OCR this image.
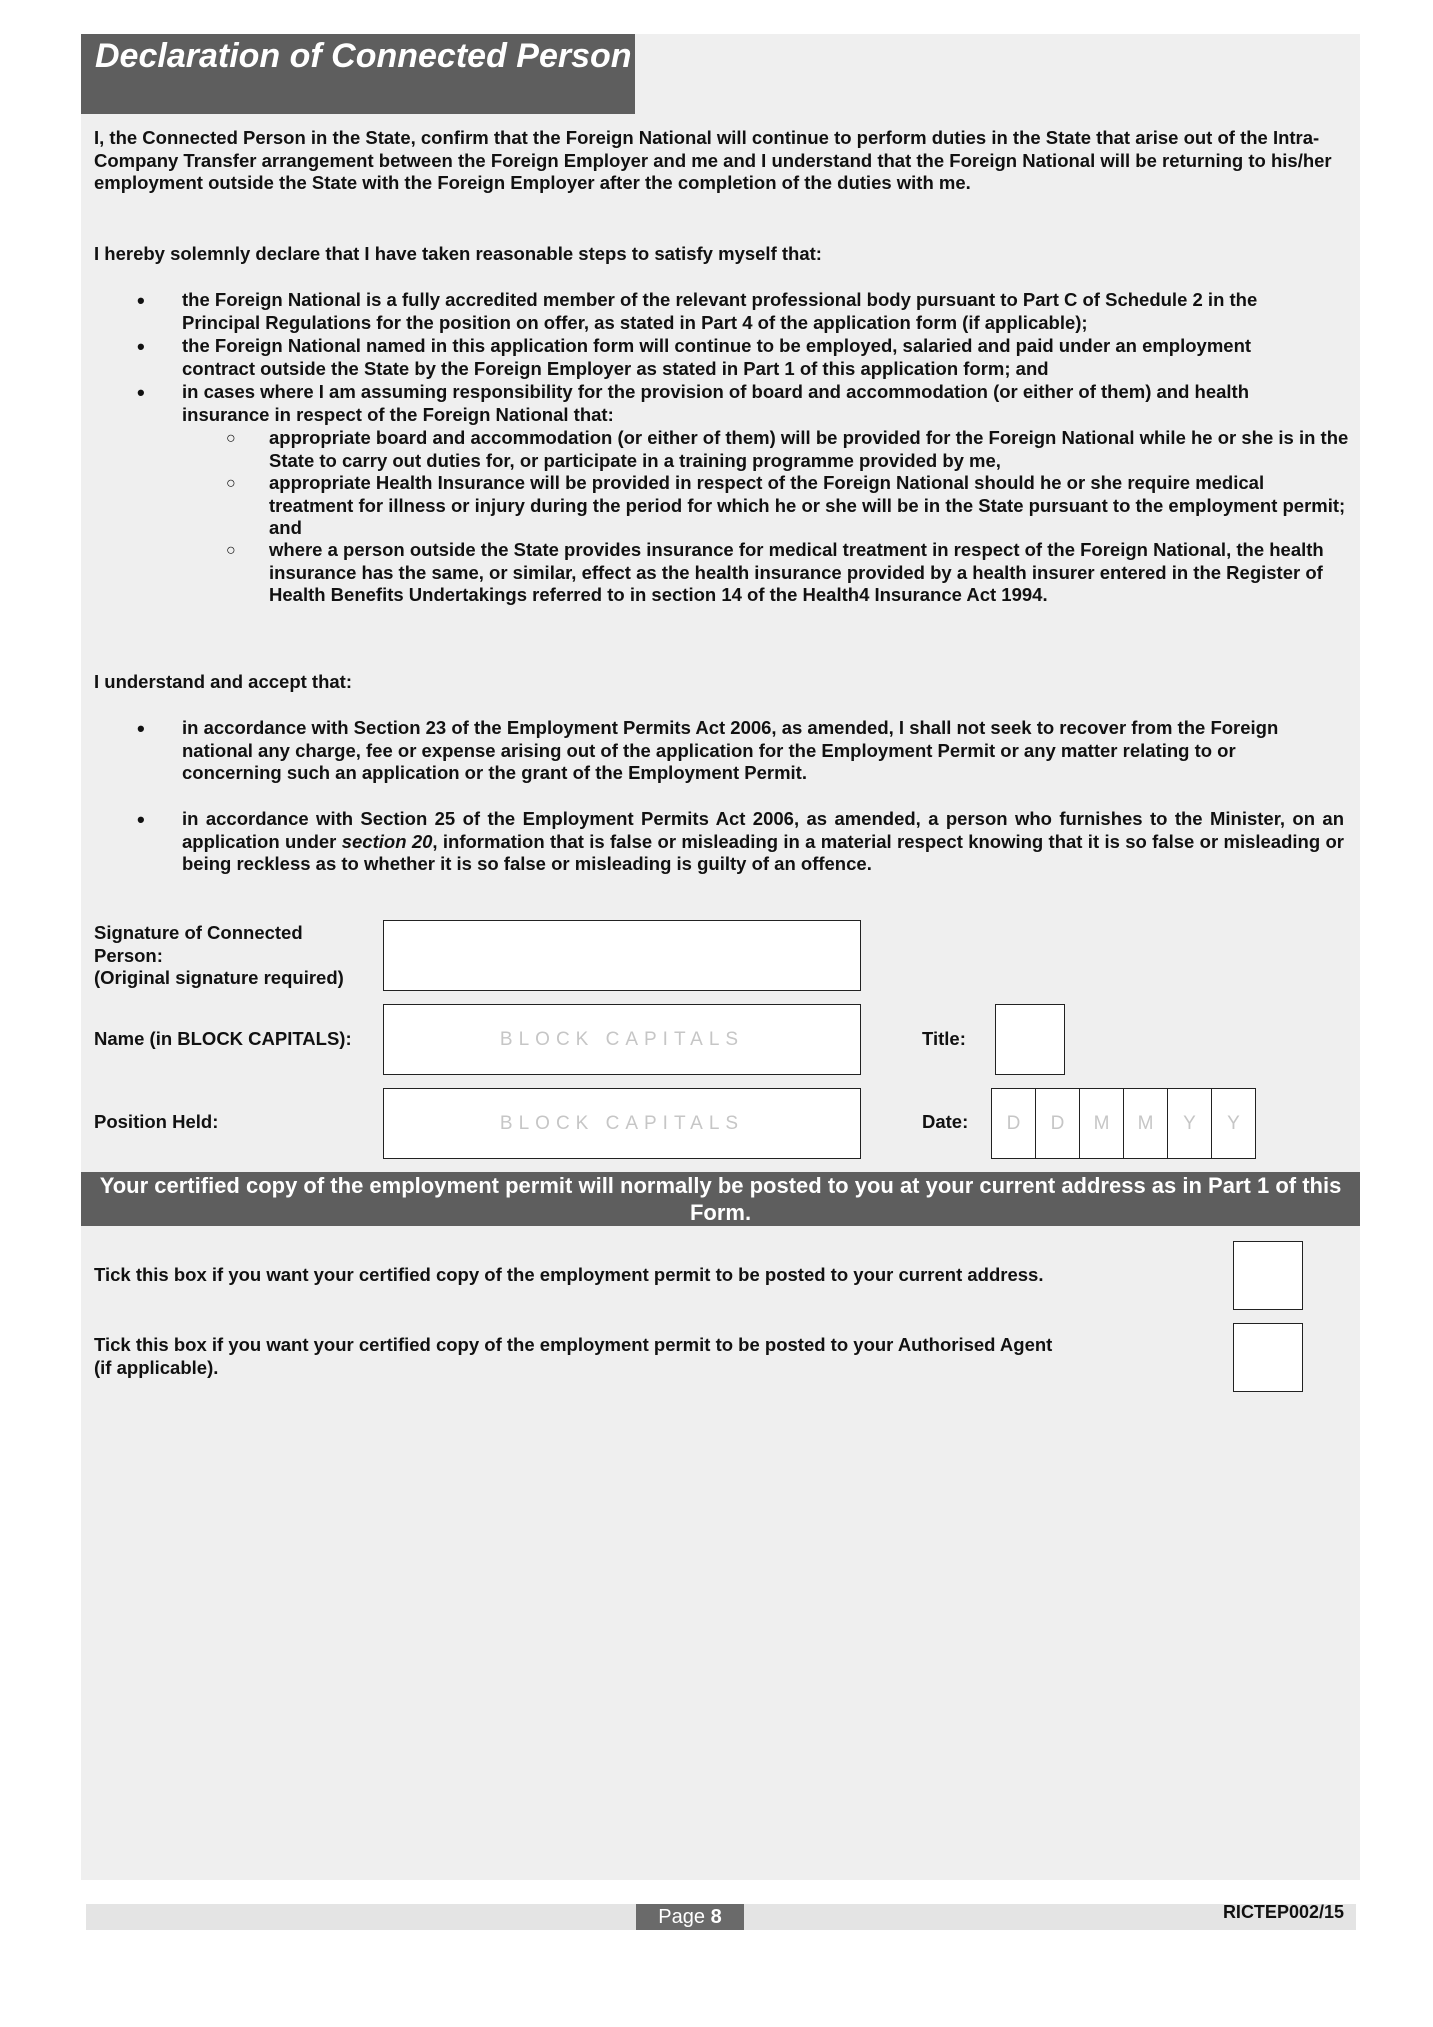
Declaration of Connected Person
I, the Connected Person in the State, confirm that the Foreign National will continue to perform duties in the State that arise out of the Intra-Company Transfer arrangement between the Foreign Employer and me and I understand that the Foreign National will be returning to his/her employment outside the State with the Foreign Employer after the completion of the duties with me.
I hereby solemnly declare that I have taken reasonable steps to satisfy myself that:
• the Foreign National is a fully accredited member of the relevant professional body pursuant to Part C of Schedule 2 in the Principal Regulations for the position on offer, as stated in Part 4 of the application form (if applicable);
• the Foreign National named in this application form will continue to be employed, salaried and paid under an employment contract outside the State by the Foreign Employer as stated in Part 1 of this application form; and
• in cases where I am assuming responsibility for the provision of board and accommodation (or either of them) and health insurance in respect of the Foreign National that:
○ appropriate board and accommodation (or either of them) will be provided for the Foreign National while he or she is in the State to carry out duties for, or participate in a training programme provided by me,
○ appropriate Health Insurance will be provided in respect of the Foreign National should he or she require medical treatment for illness or injury during the period for which he or she will be in the State pursuant to the employment permit; and
○ where a person outside the State provides insurance for medical treatment in respect of the Foreign National, the health insurance has the same, or similar, effect as the health insurance provided by a health insurer entered in the Register of Health Benefits Undertakings referred to in section 14 of the Health4 Insurance Act 1994.
I understand and accept that:
• in accordance with Section 23 of the Employment Permits Act 2006, as amended, I shall not seek to recover from the Foreign national any charge, fee or expense arising out of the application for the Employment Permit or any matter relating to or concerning such an application or the grant of the Employment Permit.
• in accordance with Section 25 of the Employment Permits Act 2006, as amended, a person who furnishes to the Minister, on an application under section 20, information that is false or misleading in a material respect knowing that it is so false or misleading or being reckless as to whether it is so false or misleading is guilty of an offence.
Signature of Connected Person:
(Original signature required)
Name (in BLOCK CAPITALS):	BLOCK CAPITALS	Title:
Position Held:	BLOCK CAPITALS	Date:	D	D	M	M	Y	Y
Your certified copy of the employment permit will normally be posted to you at your current address as in Part 1 of this Form.
Tick this box if you want your certified copy of the employment permit to be posted to your current address.
Tick this box if you want your certified copy of the employment permit to be posted to your Authorised Agent (if applicable).
Page 8	RICTEP002/15
